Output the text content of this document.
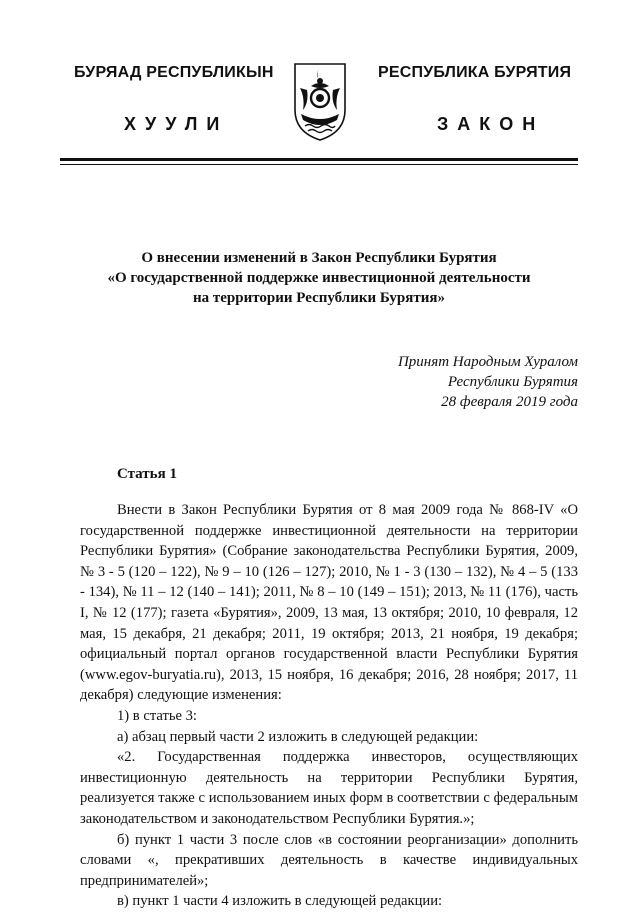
БУРЯАД РЕСПУБЛИКЫН	РЕСПУБЛИКА БУРЯТИЯ
ХУУЛИ	ЗАКОН
О внесении изменений в Закон Республики Бурятия
«О государственной поддержке инвестиционной деятельности
на территории Республики Бурятия»
Принят Народным Хуралом
Республики Бурятия
28 февраля 2019 года
Статья 1

Внести в Закон Республики Бурятия от 8 мая 2009 года № 868-IV «О государственной поддержке инвестиционной деятельности на территории Республики Бурятия» (Собрание законодательства Республики Бурятия, 2009, № 3 - 5 (120 – 122), № 9 – 10 (126 – 127); 2010, № 1 - 3 (130 – 132), № 4 – 5 (133 - 134), № 11 – 12 (140 – 141); 2011, № 8 – 10 (149 – 151); 2013, № 11 (176), часть I, № 12 (177); газета «Бурятия», 2009, 13 мая, 13 октября; 2010, 10 февраля, 12 мая, 15 декабря, 21 декабря; 2011, 19 октября; 2013, 21 ноября, 19 декабря; официальный портал органов государственной власти Республики Бурятия (www.egov-buryatia.ru), 2013, 15 ноября, 16 декабря; 2016, 28 ноября; 2017, 11 декабря) следующие изменения:

1) в статье 3:

а) абзац первый части 2 изложить в следующей редакции:

«2. Государственная поддержка инвесторов, осуществляющих инвестиционную деятельность на территории Республики Бурятия, реализуется также с использованием иных форм в соответствии с федеральным законодательством и законодательством Республики Бурятия.»;

б) пункт 1 части 3 после слов «в состоянии реорганизации» дополнить словами «, прекративших деятельность в качестве индивидуальных предпринимателей»;

в) пункт 1 части 4 изложить в следующей редакции:
